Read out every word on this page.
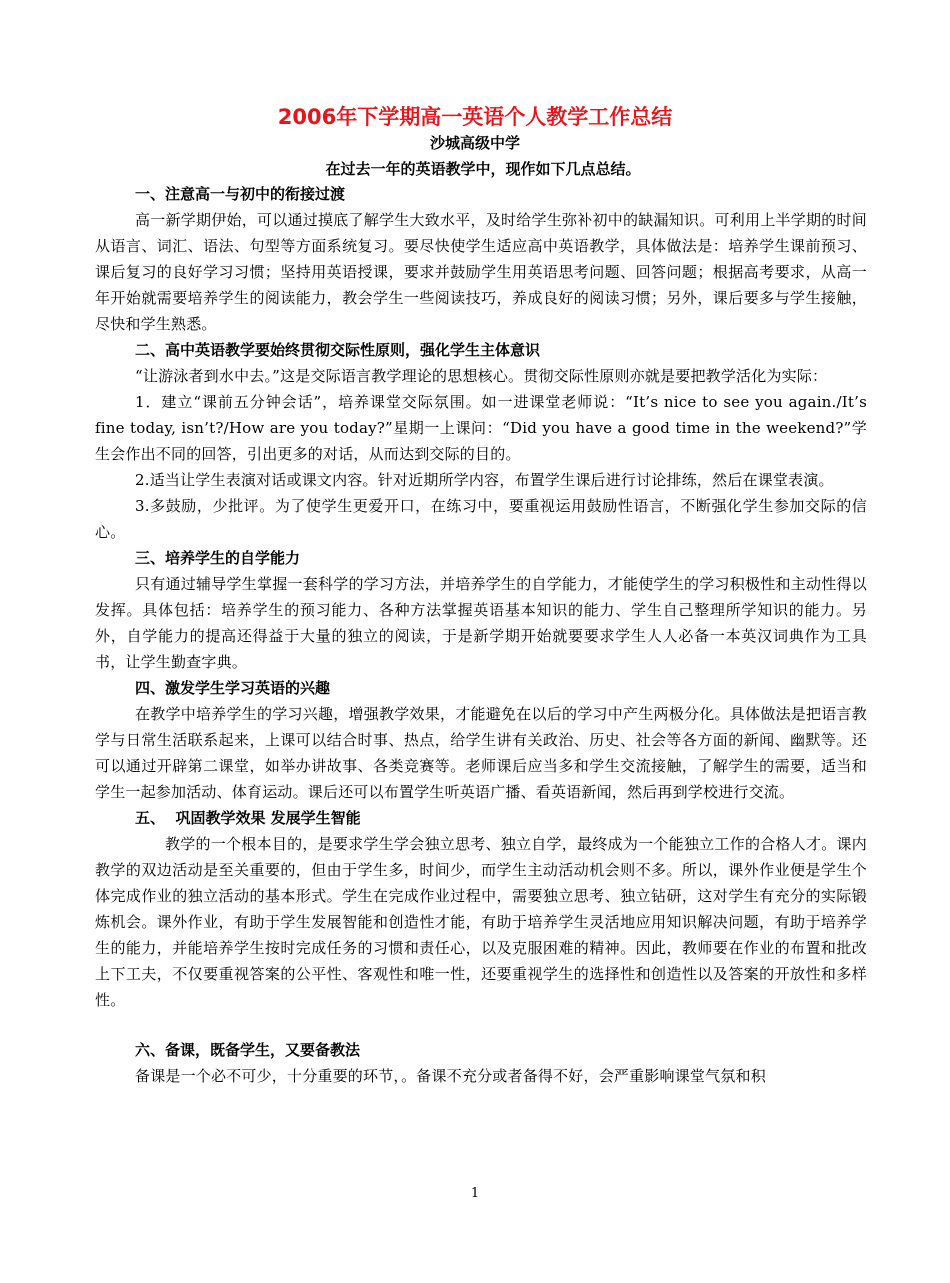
2006年下学期高一英语个人教学工作总结
沙城高级中学
在过去一年的英语教学中，现作如下几点总结。
一、注意高一与初中的衔接过渡

高一新学期伊始，可以通过摸底了解学生大致水平，及时给学生弥补初中的缺漏知识。可利用上半学期的时间从语言、词汇、语法、句型等方面系统复习。要尽快使学生适应高中英语教学，具体做法是：培养学生课前预习、课后复习的良好学习习惯；坚持用英语授课，要求并鼓励学生用英语思考问题、回答问题；根据高考要求，从高一年开始就需要培养学生的阅读能力，教会学生一些阅读技巧，养成良好的阅读习惯；另外，课后要多与学生接触，尽快和学生熟悉。

二、高中英语教学要始终贯彻交际性原则，强化学生主体意识

“让游泳者到水中去。”这是交际语言教学理论的思想核心。贯彻交际性原则亦就是要把教学活化为实际：

1．建立“课前五分钟会话”，培养课堂交际氛围。如一进课堂老师说：“It’s nice to see you again./It’s fine today, isn’t?/How are you today?”星期一上课问：“Did you have a good time in the weekend?”学生会作出不同的回答，引出更多的对话，从而达到交际的目的。

2.适当让学生表演对话或课文内容。针对近期所学内容，布置学生课后进行讨论排练，然后在课堂表演。

3.多鼓励，少批评。为了使学生更爱开口，在练习中，要重视运用鼓励性语言，不断强化学生参加交际的信心。

三、培养学生的自学能力

只有通过辅导学生掌握一套科学的学习方法，并培养学生的自学能力，才能使学生的学习积极性和主动性得以发挥。具体包括：培养学生的预习能力、各种方法掌握英语基本知识的能力、学生自己整理所学知识的能力。另外，自学能力的提高还得益于大量的独立的阅读，于是新学期开始就要要求学生人人必备一本英汉词典作为工具书，让学生勤查字典。

四、激发学生学习英语的兴趣

在教学中培养学生的学习兴趣，增强教学效果，才能避免在以后的学习中产生两极分化。具体做法是把语言教学与日常生活联系起来，上课可以结合时事、热点，给学生讲有关政治、历史、社会等各方面的新闻、幽默等。还可以通过开辟第二课堂，如举办讲故事、各类竞赛等。老师课后应当多和学生交流接触，了解学生的需要，适当和学生一起参加活动、体育运动。课后还可以布置学生听英语广播、看英语新闻，然后再到学校进行交流。

五、  巩固教学效果 发展学生智能

教学的一个根本目的，是要求学生学会独立思考、独立自学，最终成为一个能独立工作的合格人才。课内教学的双边活动是至关重要的，但由于学生多，时间少，而学生主动活动机会则不多。所以，课外作业便是学生个体完成作业的独立活动的基本形式。学生在完成作业过程中，需要独立思考、独立钻研，这对学生有充分的实际锻炼机会。课外作业，有助于学生发展智能和创造性才能，有助于培养学生灵活地应用知识解决问题，有助于培养学生的能力，并能培养学生按时完成任务的习惯和责任心，以及克服困难的精神。因此，教师要在作业的布置和批改上下工夫，不仅要重视答案的公平性、客观性和唯一性，还要重视学生的选择性和创造性以及答案的开放性和多样性。

六、备课，既备学生，又要备教法

备课是一个必不可少，十分重要的环节，。备课不充分或者备得不好，会严重影响课堂气氛和积

1
